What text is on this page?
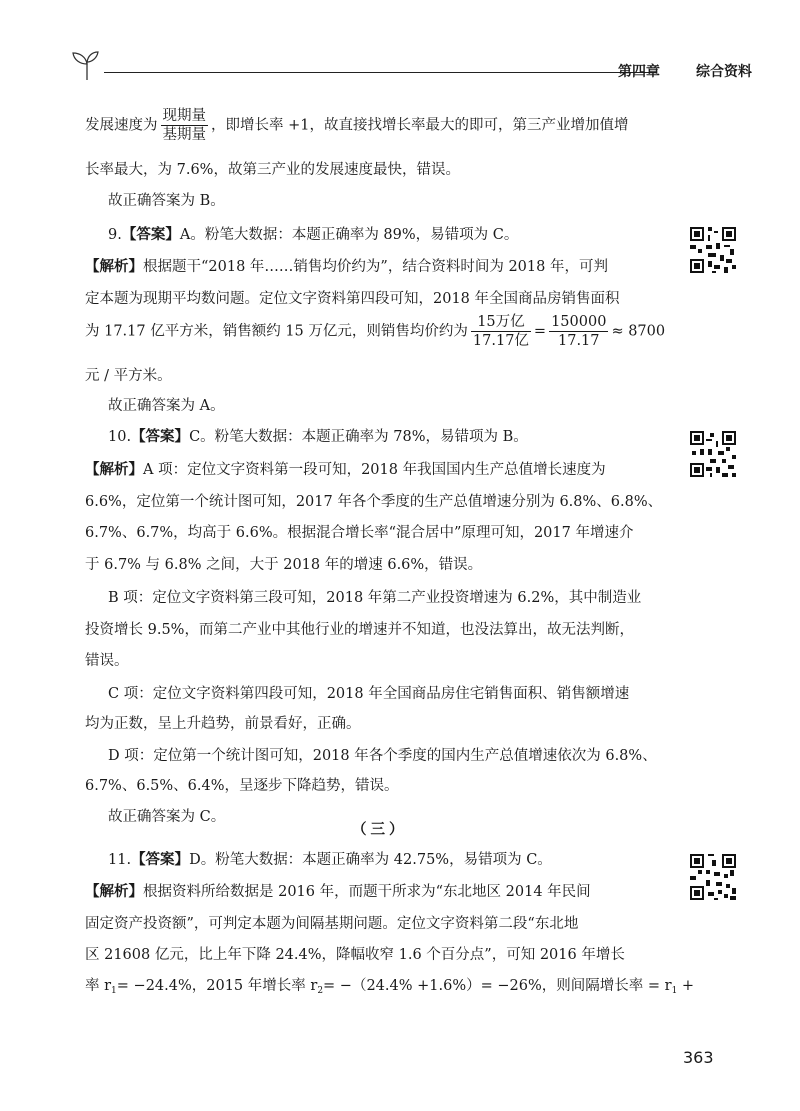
第四章	综合资料
发展速度为 $\frac{\text{现期量}}{\text{基期量}}$ ，即增长率 +1，故直接找增长率最大的即可，第三产业增加值增
长率最大，为 7.6%，故第三产业的发展速度最快，错误。
故正确答案为 B。
9.【答案】A。粉笔大数据：本题正确率为 89%，易错项为 C。
【解析】根据题干“2018 年……销售均价约为”，结合资料时间为 2018 年，可判
定本题为现期平均数问题。定位文字资料第四段可知，2018 年全国商品房销售面积
为 17.17 亿平方米，销售额约 15 万亿元，则销售均价约为 $\frac{\text{15万亿}}{\text{17.17亿}} = \frac{150000}{17.17} \approx 8700$
元 / 平方米。
故正确答案为 A。
10.【答案】C。粉笔大数据：本题正确率为 78%，易错项为 B。
【解析】A 项：定位文字资料第一段可知，2018 年我国国内生产总值增长速度为
6.6%，定位第一个统计图可知，2017 年各个季度的生产总值增速分别为 6.8%、6.8%、
6.7%、6.7%，均高于 6.6%。根据混合增长率“混合居中”原理可知，2017 年增速介
于 6.7% 与 6.8% 之间，大于 2018 年的增速 6.6%，错误。
B 项：定位文字资料第三段可知，2018 年第二产业投资增速为 6.2%，其中制造业
投资增长 9.5%，而第二产业中其他行业的增速并不知道，也没法算出，故无法判断，
错误。
C 项：定位文字资料第四段可知，2018 年全国商品房住宅销售面积、销售额增速
均为正数，呈上升趋势，前景看好，正确。
D 项：定位第一个统计图可知，2018 年各个季度的国内生产总值增速依次为 6.8%、
6.7%、6.5%、6.4%，呈逐步下降趋势，错误。
故正确答案为 C。
（三）
11.【答案】D。粉笔大数据：本题正确率为 42.75%，易错项为 C。
【解析】根据资料所给数据是 2016 年，而题干所求为“东北地区 2014 年民间
固定资产投资额”，可判定本题为间隔基期问题。定位文字资料第二段“东北地
区 21608 亿元，比上年下降 24.4%，降幅收窄 1.6 个百分点”，可知 2016 年增长
率 $r_1= -24.4\%$，2015 年增长率 $r_2= -(24.4\% +1.6\%)= -26\%$，则间隔增长率 = $r_1$ +
363
